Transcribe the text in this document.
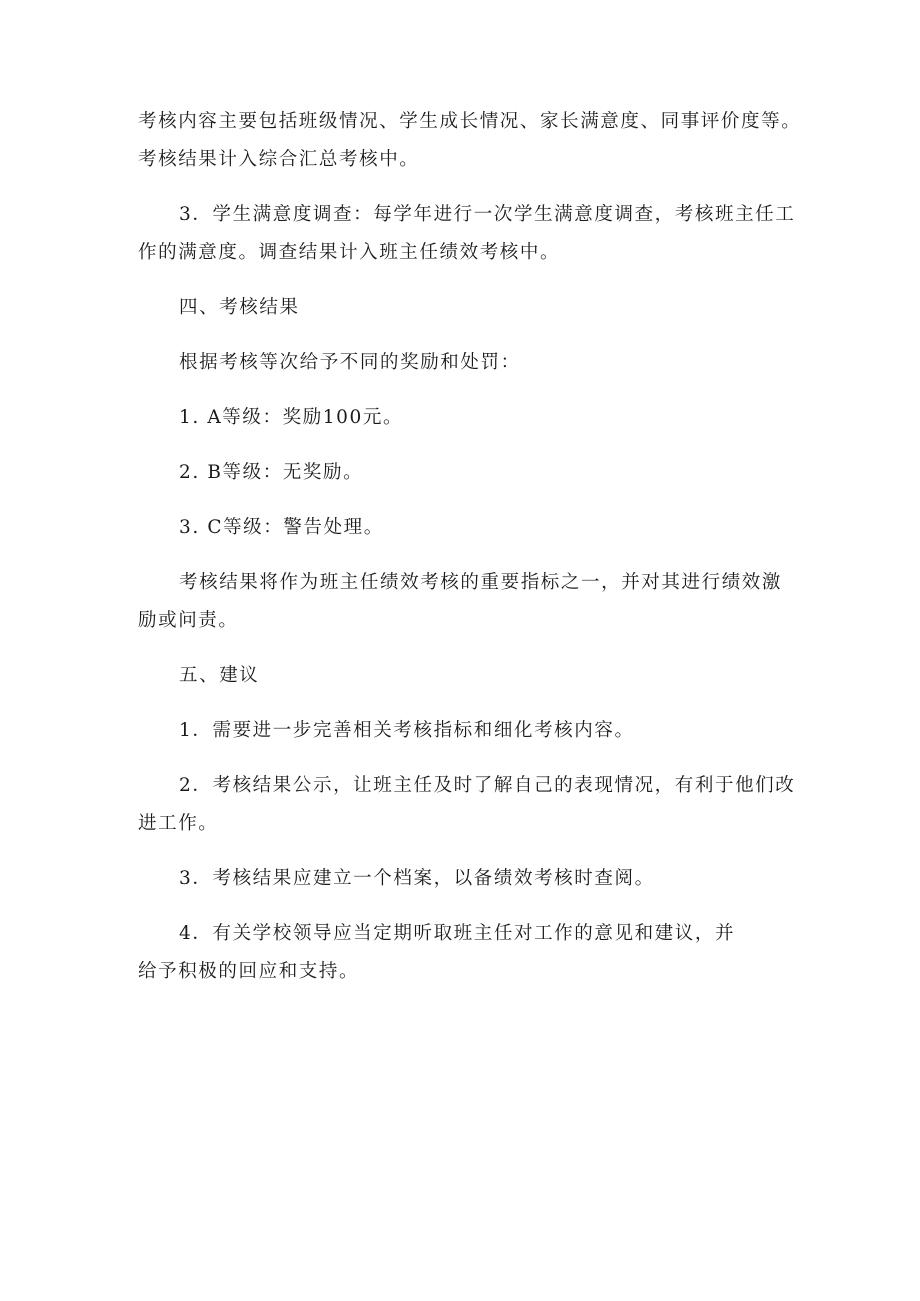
考核内容主要包括班级情况、学生成长情况、家长满意度、同事评价度等。考核结果计入综合汇总考核中。

3．学生满意度调查：每学年进行一次学生满意度调查，考核班主任工作的满意度。调查结果计入班主任绩效考核中。

四、考核结果

根据考核等次给予不同的奖励和处罚：

1. A等级：奖励100元。

2. B等级：无奖励。

3. C等级：警告处理。

考核结果将作为班主任绩效考核的重要指标之一，并对其进行绩效激励或问责。

五、建议

1．需要进一步完善相关考核指标和细化考核内容。

2．考核结果公示，让班主任及时了解自己的表现情况，有利于他们改进工作。

3．考核结果应建立一个档案，以备绩效考核时查阅。

4．有关学校领导应当定期听取班主任对工作的意见和建议，并
给予积极的回应和支持。
